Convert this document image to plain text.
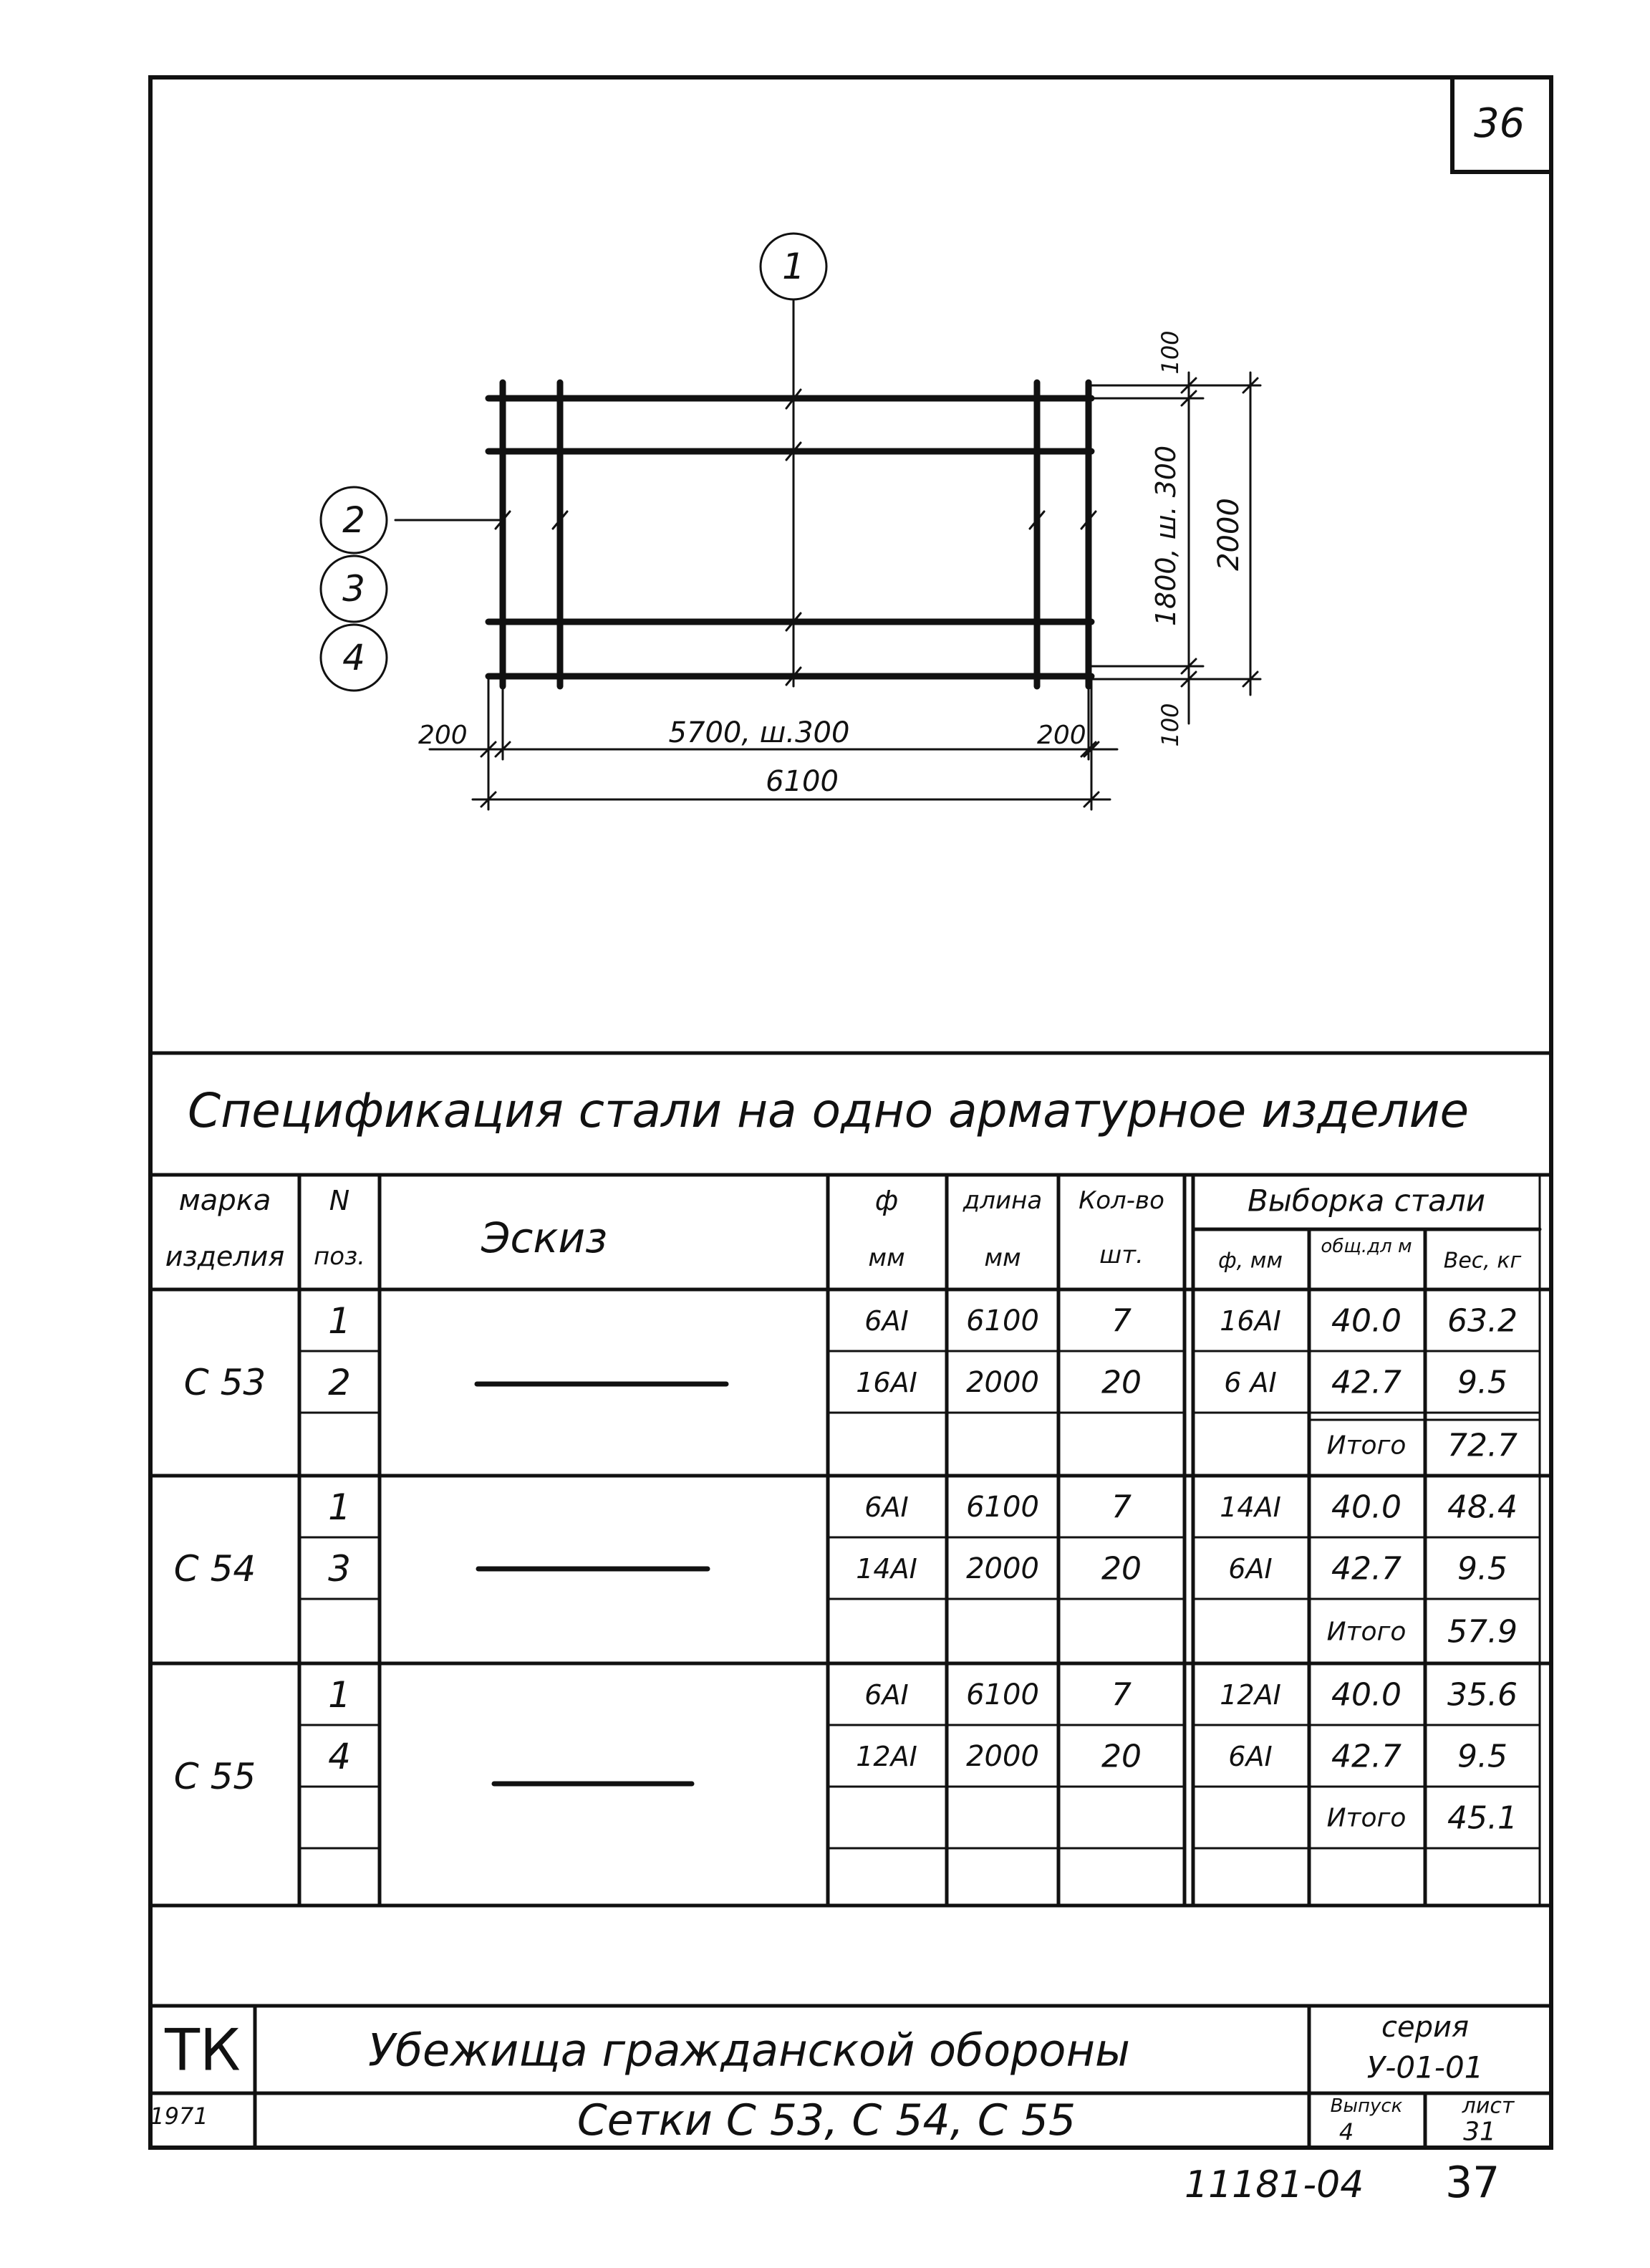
36
1
2
3
4
200	200
5700, ш.300
6100
100
1800, ш. 300
100
2000
Спецификация стали на одно арматурное изделие
марка
изделия
N
поз.	Эскиз
ф
мм
длина
мм
Кол-во
шт.
Выборка стали
ф, мм
общ.дл м
Вес, кг
С 53
1
2
6АI
16АI
6100
2000
7
20
16АI
6 АI
40.0
42.7
63.2
9.5
Итого 72.7
С 54
1
3
6АI
14АI
6100
2000
7
20
14АI
6АI
40.0
42.7
48.4
9.5
Итого 57.9
С 55
1
4
6АI
12АI
6100
2000
7
20
12АI
6АI
40.0
42.7
35.6
9.5
Итого 45.1
ТК
1971
Убежища гражданской обороны
Сетки С 53, С 54, С 55
серия
У-01-01
Выпуск
4
лист
31
11181-04 37
